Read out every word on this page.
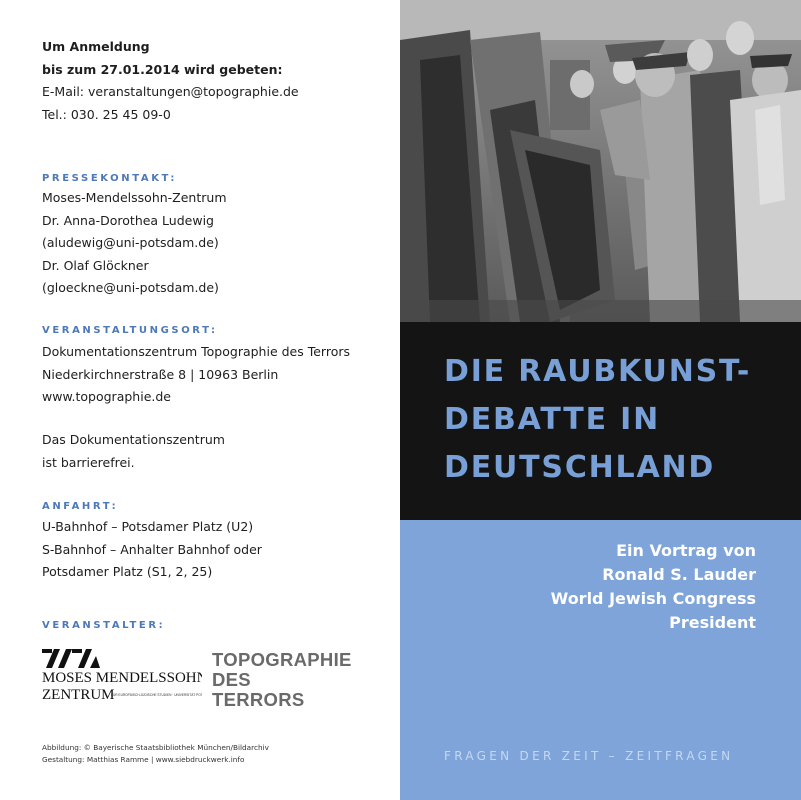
Um Anmeldung
bis zum 27.01.2014 wird gebeten:
E-Mail: veranstaltungen@topographie.de
Tel.: 030. 25 45 09-0
PRESSEKONTAKT:
Moses-Mendelssohn-Zentrum
Dr. Anna-Dorothea Ludewig
(aludewig@uni-potsdam.de)
Dr. Olaf Glöckner
(gloeckne@uni-potsdam.de)
VERANSTALTUNGSORT:
Dokumentationszentrum Topographie des Terrors
Niederkirchnerstraße 8 | 10963 Berlin
www.topographie.de
Das Dokumentationszentrum
ist barrierefrei.
ANFAHRT:
U-Bahnhof – Potsdamer Platz (U2)
S-Bahnhof – Anhalter Bahnhof oder
Potsdamer Platz (S1, 2, 25)
VERANSTALTER:
MOSES MENDELSSOHN
ZENTRUM
FÜR EUROPÄISCH-JÜDISCHE STUDIEN · UNIVERSITÄT POTSDAM
TOPOGRAPHIE
DES
TERRORS
Abbildung: © Bayerische Staatsbibliothek München/Bildarchiv
Gestaltung: Matthias Ramme | www.siebdruckwerk.info
DIE RAUBKUNST-
DEBATTE IN
DEUTSCHLAND
Ein Vortrag von
Ronald S. Lauder
World Jewish Congress
President
FRAGEN DER ZEIT – ZEITFRAGEN
